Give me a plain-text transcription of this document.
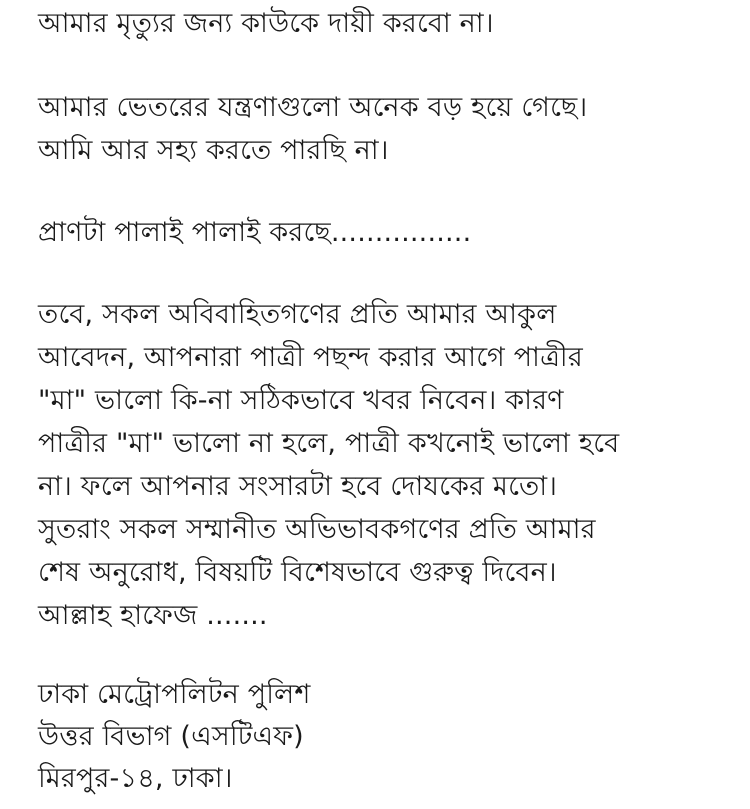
আমার মৃত্যুর জন্য কাউকে দায়ী করবো না।
আমার ভেতরের যন্ত্রণাগুলো অনেক বড় হয়ে গেছে।
আমি আর সহ্য করতে পারছি না।
প্রাণটা পালাই পালাই করছে................
তবে, সকল অবিবাহিতগণের প্রতি আমার আকুল
আবেদন, আপনারা পাত্রী পছন্দ করার আগে পাত্রীর
"মা" ভালো কি-না সঠিকভাবে খবর নিবেন। কারণ
পাত্রীর "মা" ভালো না হলে, পাত্রী কখনোই ভালো হবে
না। ফলে আপনার সংসারটা হবে দোযকের মতো।
সুতরাং সকল সম্মানীত অভিভাবকগণের প্রতি আমার
শেষ অনুরোধ, বিষয়টি বিশেষভাবে গুরুত্ব দিবেন।
আল্লাহ হাফেজ .......
ঢাকা মেট্রোপলিটন পুলিশ
উত্তর বিভাগ (এসটিএফ)
মিরপুর-১৪, ঢাকা।
